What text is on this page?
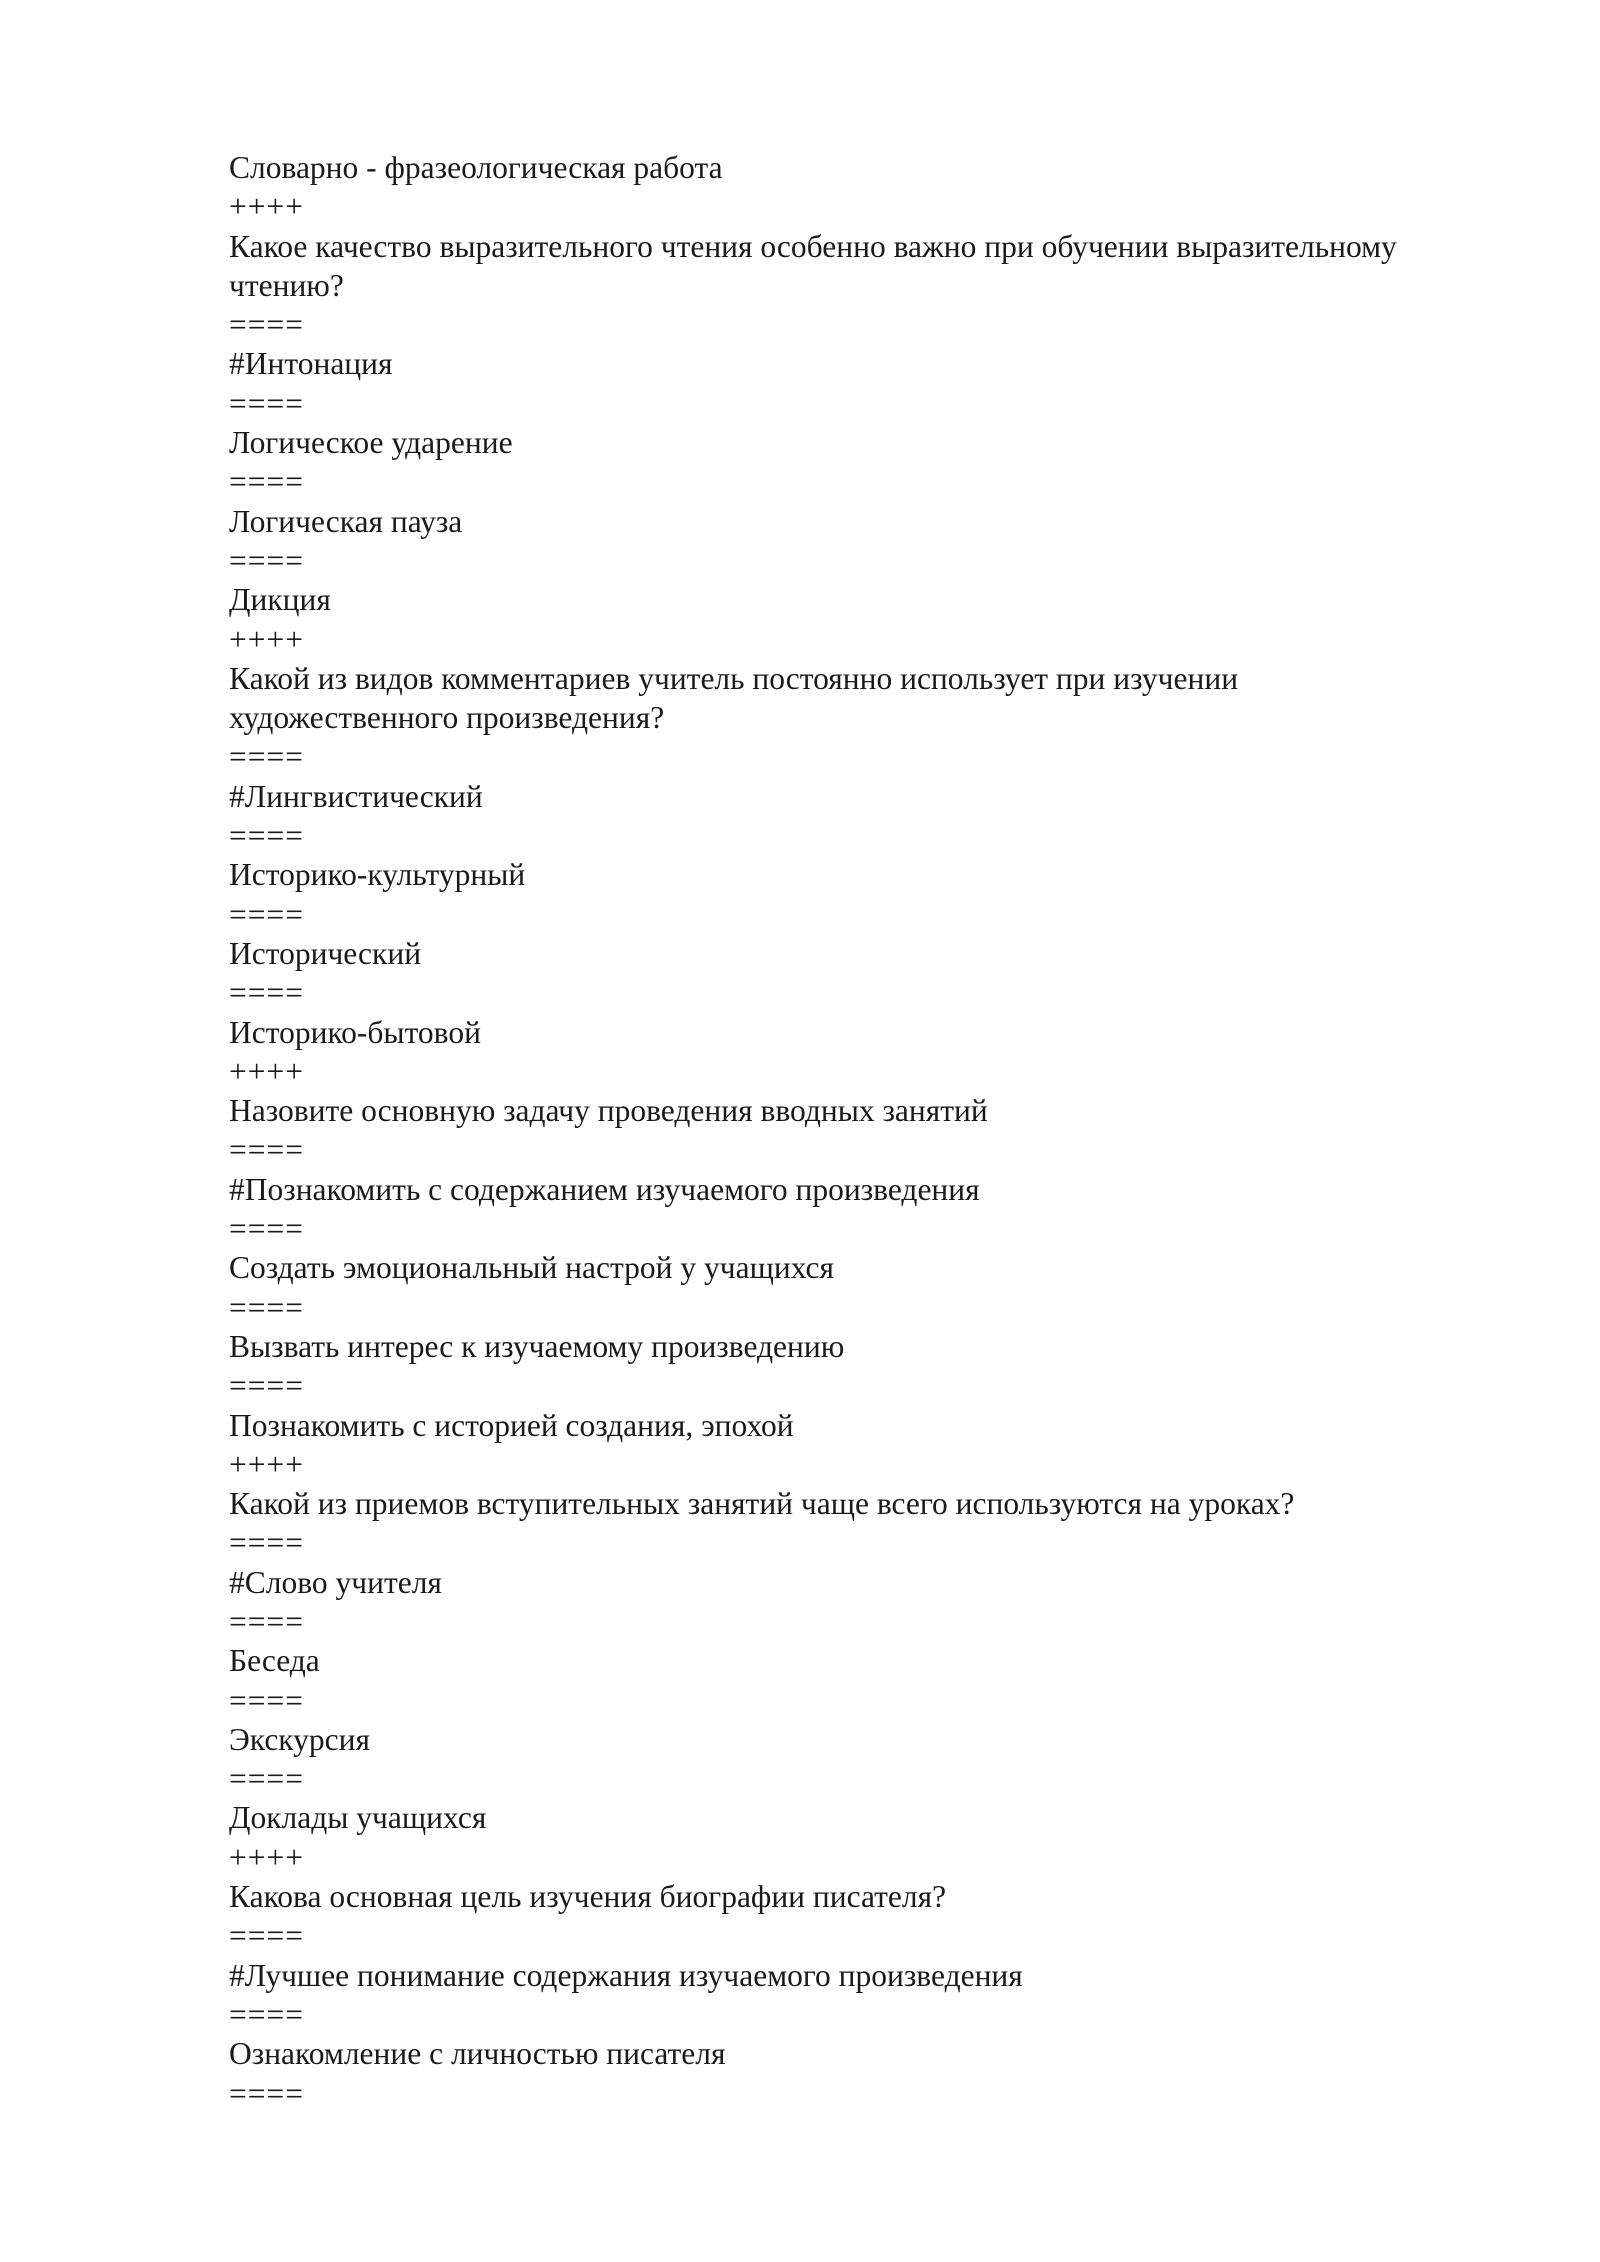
Словарно - фразеологическая работа
++++
Какое качество выразительного чтения особенно важно при обучении выразительному чтению?
====
#Интонация
====
Логическое ударение
====
Логическая пауза
====
Дикция
++++
Какой из видов комментариев учитель постоянно использует при изучении художественного произведения?
====
#Лингвистический
====
Историко-культурный
====
Исторический
====
Историко-бытовой
++++
Назовите основную задачу проведения вводных занятий
====
#Познакомить с содержанием изучаемого произведения
====
Создать эмоциональный настрой у учащихся
====
Вызвать интерес к изучаемому произведению
====
Познакомить с историей создания, эпохой
++++
Какой из приемов вступительных занятий чаще всего используются на уроках?
====
#Слово учителя
====
Беседа
====
Экскурсия
====
Доклады учащихся
++++
Какова основная цель изучения биографии писателя?
====
#Лучшее понимание содержания изучаемого произведения
====
Ознакомление с личностью писателя
====
